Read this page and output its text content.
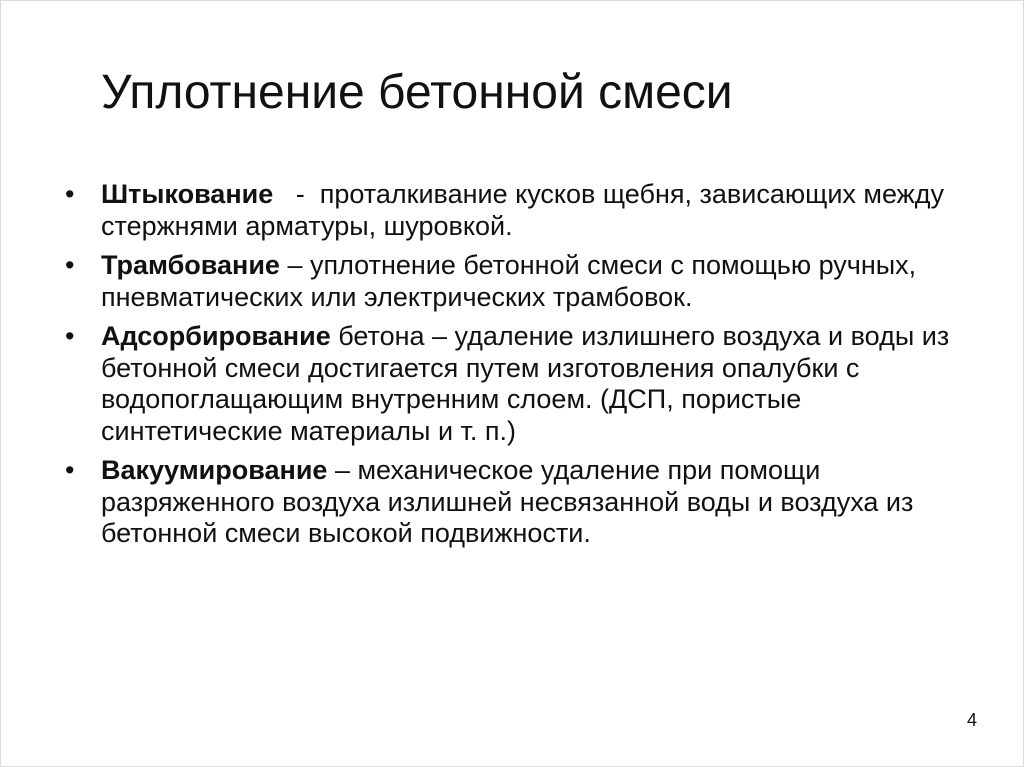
Уплотнение бетонной смеси
• Штыкование   -  проталкивание кусков щебня, зависающих между стержнями арматуры, шуровкой.
• Трамбование – уплотнение бетонной смеси с помощью ручных, пневматических или электрических трамбовок.
• Адсорбирование бетона – удаление излишнего воздуха и воды из бетонной смеси достигается путем изготовления опалубки с водопоглащающим внутренним слоем. (ДСП, пористые синтетические материалы и т. п.)
• Вакуумирование – механическое удаление при помощи разряженного воздуха излишней несвязанной воды и воздуха из бетонной смеси высокой подвижности.
4
